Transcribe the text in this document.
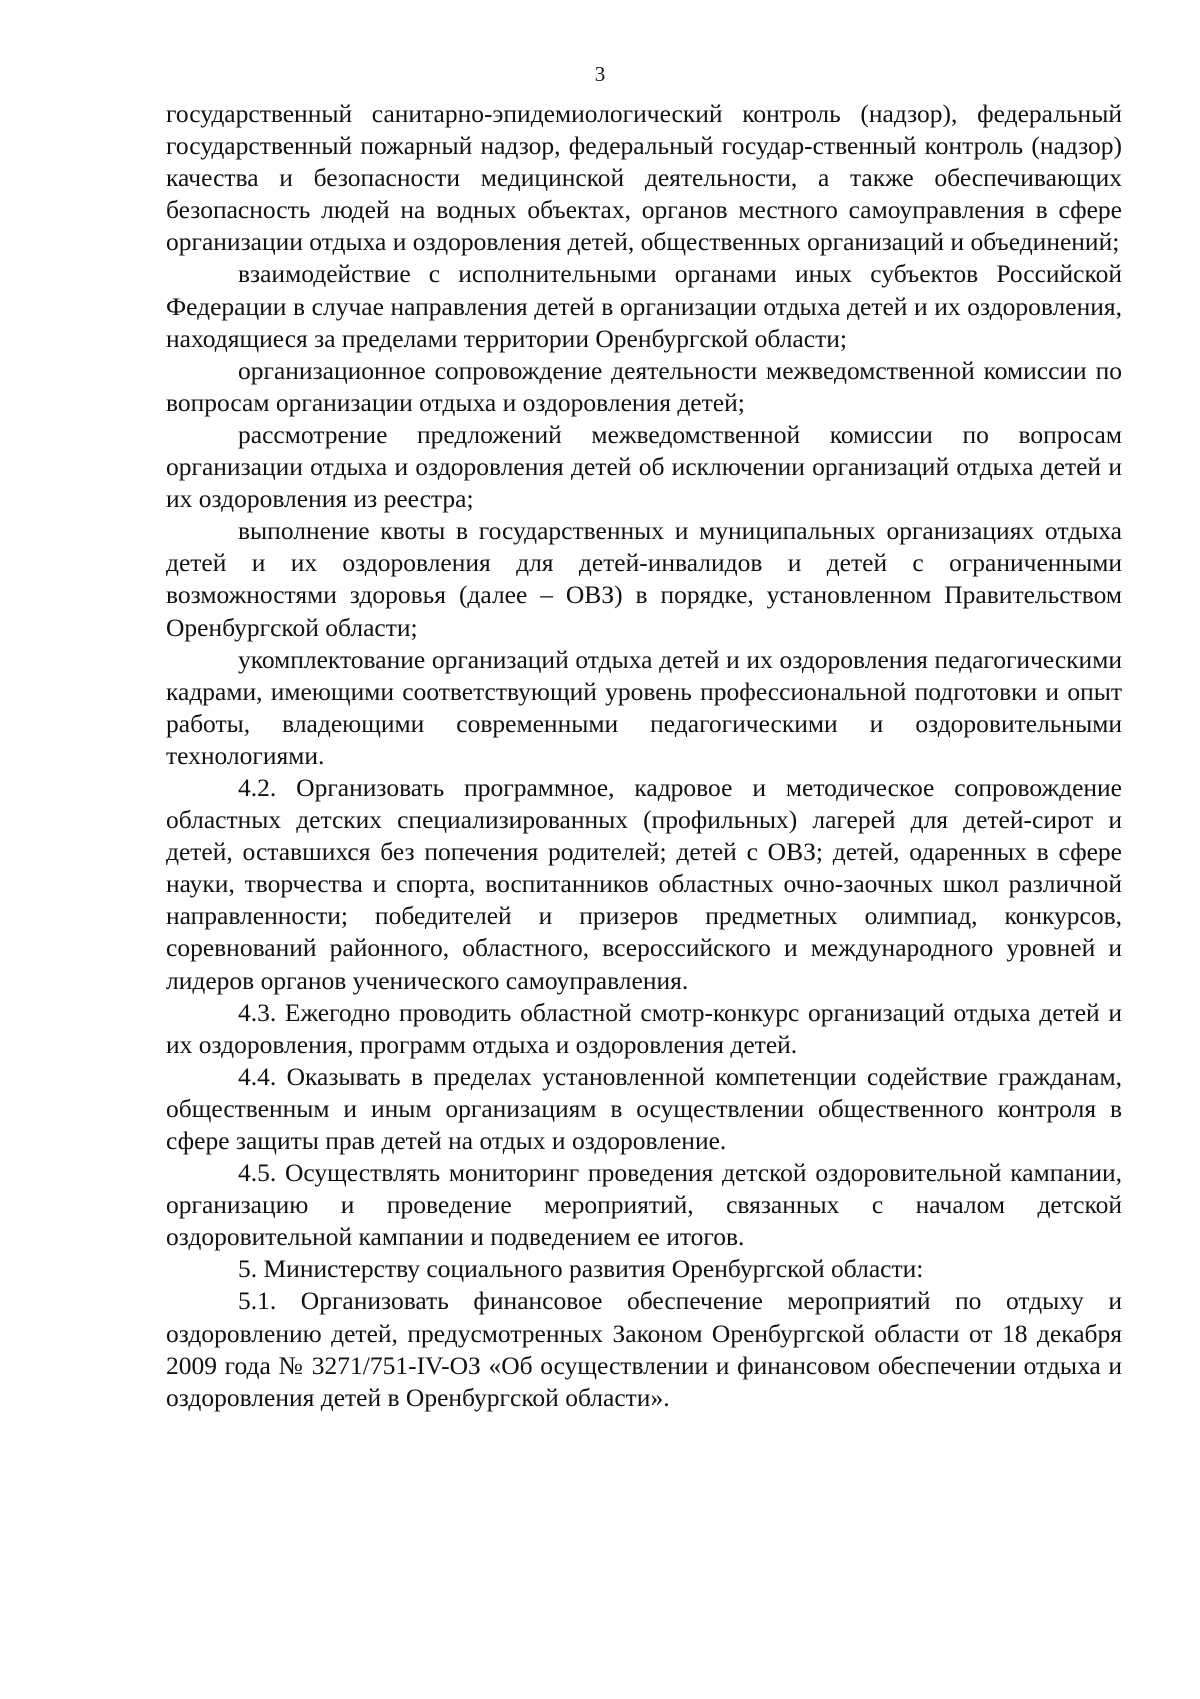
3

государственный санитарно-эпидемиологический контроль (надзор), федеральный государственный пожарный надзор, федеральный государ-ственный контроль (надзор) качества и безопасности медицинской деятельности, а также обеспечивающих безопасность людей на водных объектах, органов местного самоуправления в сфере организации отдыха и оздоровления детей, общественных организаций и объединений;

взаимодействие с исполнительными органами иных субъектов Российской Федерации в случае направления детей в организации отдыха детей и их оздоровления, находящиеся за пределами территории Оренбургской области;

организационное сопровождение деятельности межведомственной комиссии по вопросам организации отдыха и оздоровления детей;

рассмотрение предложений межведомственной комиссии по вопросам организации отдыха и оздоровления детей об исключении организаций отдыха детей и их оздоровления из реестра;

выполнение квоты в государственных и муниципальных организациях отдыха детей и их оздоровления для детей-инвалидов и детей с ограниченными возможностями здоровья (далее – ОВЗ) в порядке, установленном Правительством Оренбургской области;

укомплектование организаций отдыха детей и их оздоровления педагогическими кадрами, имеющими соответствующий уровень профессиональной подготовки и опыт работы, владеющими современными педагогическими и оздоровительными технологиями.

4.2. Организовать программное, кадровое и методическое сопровождение областных детских специализированных (профильных) лагерей для детей-сирот и детей, оставшихся без попечения родителей; детей с ОВЗ; детей, одаренных в сфере науки, творчества и спорта, воспитанников областных очно-заочных школ различной направленности; победителей и призеров предметных олимпиад, конкурсов, соревнований районного, областного, всероссийского и международного уровней и лидеров органов ученического самоуправления.

4.3. Ежегодно проводить областной смотр-конкурс организаций отдыха детей и их оздоровления, программ отдыха и оздоровления детей.

4.4. Оказывать в пределах установленной компетенции содействие гражданам, общественным и иным организациям в осуществлении общественного контроля в сфере защиты прав детей на отдых и оздоровление.

4.5. Осуществлять мониторинг проведения детской оздоровительной кампании, организацию и проведение мероприятий, связанных с началом детской оздоровительной кампании и подведением ее итогов.

5. Министерству социального развития Оренбургской области:

5.1. Организовать финансовое обеспечение мероприятий по отдыху и оздоровлению детей, предусмотренных Законом Оренбургской области от 18 декабря 2009 года № 3271/751-IV-ОЗ «Об осуществлении и финансовом обеспечении отдыха и оздоровления детей в Оренбургской области».
